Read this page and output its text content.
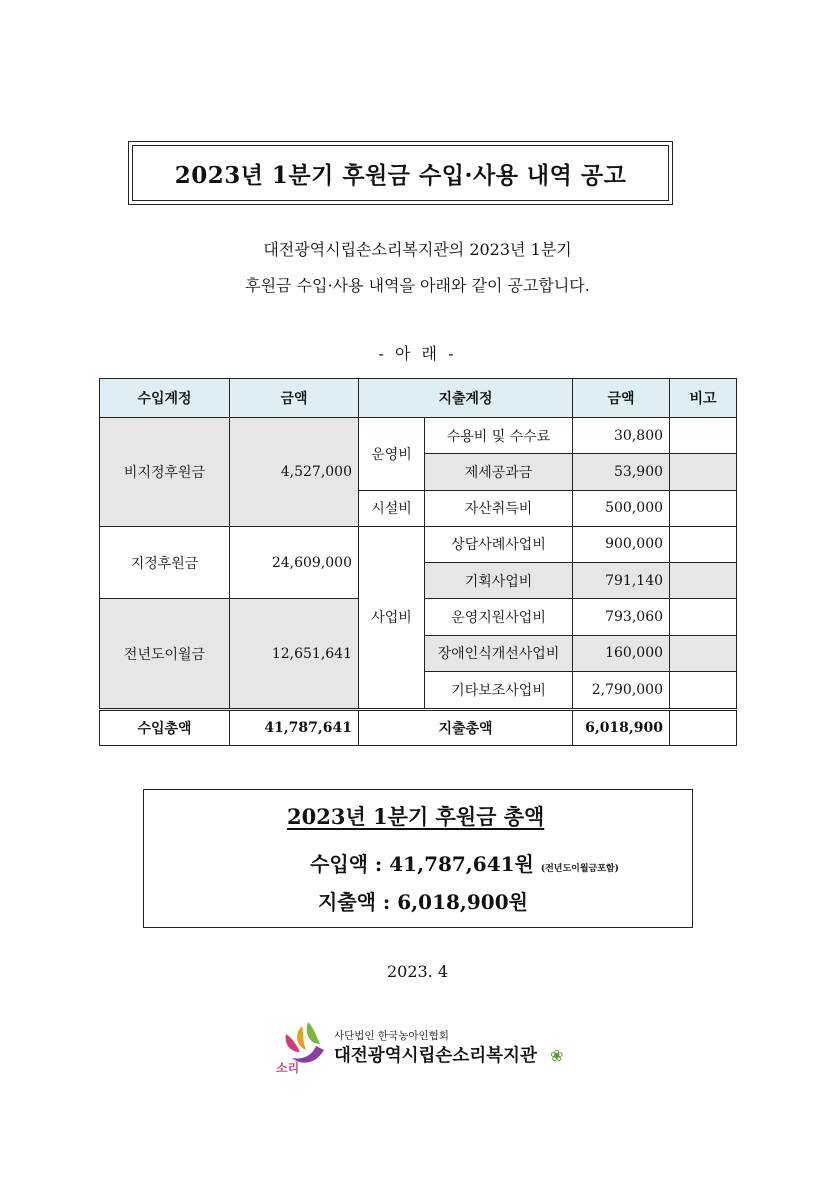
2023년 1분기 후원금 수입·사용 내역 공고
대전광역시립손소리복지관의 2023년 1분기
후원금 수입·사용 내역을 아래와 같이 공고합니다.
- 아 래 -
수입계정	금액	지출계정		금액	비고
비지정후원금	4,527,000	운영비	수용비 및 수수료	30,800	
			제세공과금	53,900	
		시설비	자산취득비	500,000	
지정후원금	24,609,000	사업비	상담사례사업비	900,000	
			기획사업비	791,140	
전년도이월금	12,651,641		운영지원사업비	793,060	
			장애인식개선사업비	160,000	
			기타보조사업비	2,790,000	
수입총액	41,787,641	지출총액		6,018,900	
2023년 1분기 후원금 총액
수입액 : 41,787,641원 (전년도이월금포함)
지출액 : 6,018,900원
2023. 4
소리
사단법인 한국농아인협회
대전광역시립손소리복지관 ❀
